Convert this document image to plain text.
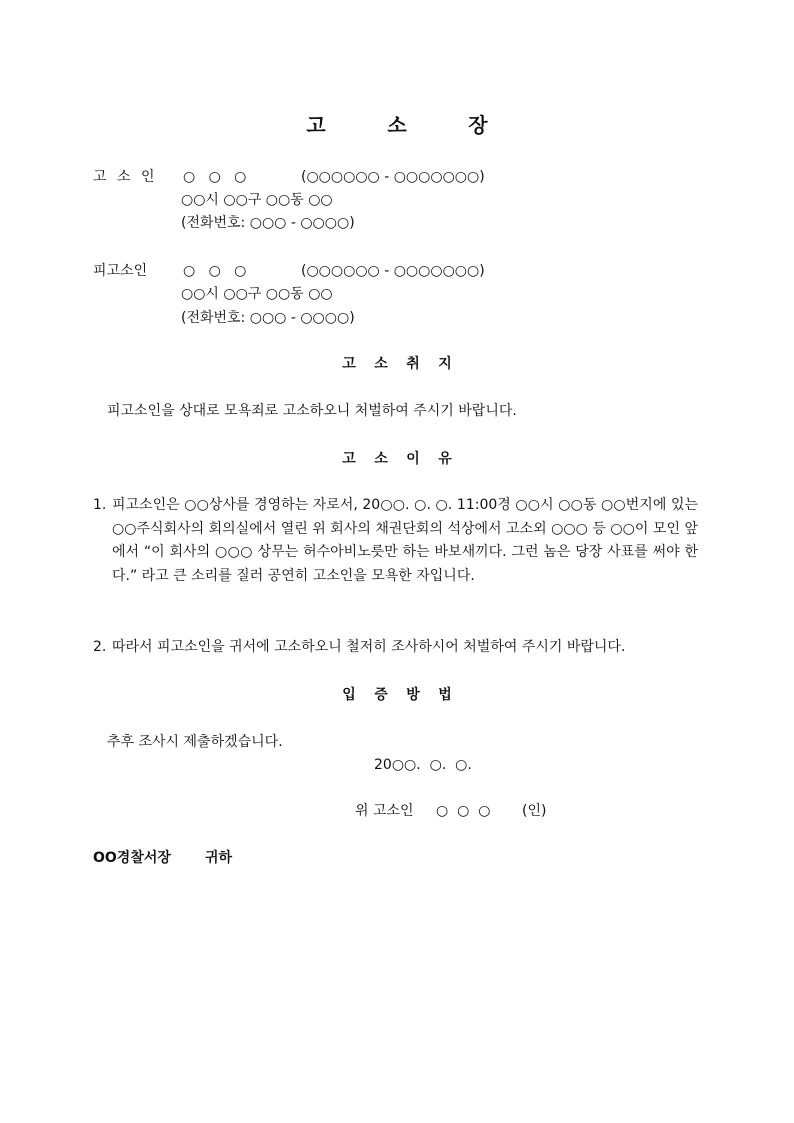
고	소	장
고 소 인 ○   ○   ○	(○○○○○○ - ○○○○○○○)
○○시 ○○구 ○○동 ○○
(전화번호: ○○○ - ○○○○)
피고소인	○   ○   ○	(○○○○○○ - ○○○○○○○)
○○시 ○○구 ○○동 ○○
(전화번호: ○○○ - ○○○○)
고 소 취 지
피고소인을 상대로 모욕죄로 고소하오니 처벌하여 주시기 바랍니다.
고 소 이 유
1. 피고소인은 ○○상사를 경영하는 자로서, 20○○. ○. ○. 11:00경 ○○시 ○○동 ○○번지에 있는 ○○주식회사의 회의실에서 열린 위 회사의 채권단회의 석상에서 고소외 ○○○ 등 ○○이 모인 앞에서 “이 회사의 ○○○ 상무는 허수아비노릇만 하는 바보새끼다. 그런 놈은 당장 사표를 써야 한다.” 라고 큰 소리를 질러 공연히 고소인을 모욕한 자입니다.
2. 따라서 피고소인을 귀서에 고소하오니 철저히 조사하시어 처벌하여 주시기 바랍니다.
입 증 방 법
추후 조사시 제출하겠습니다.
20○○.  ○.  ○.
위 고소인 ○  ○  ○ (인)
OO경찰서장 귀하
